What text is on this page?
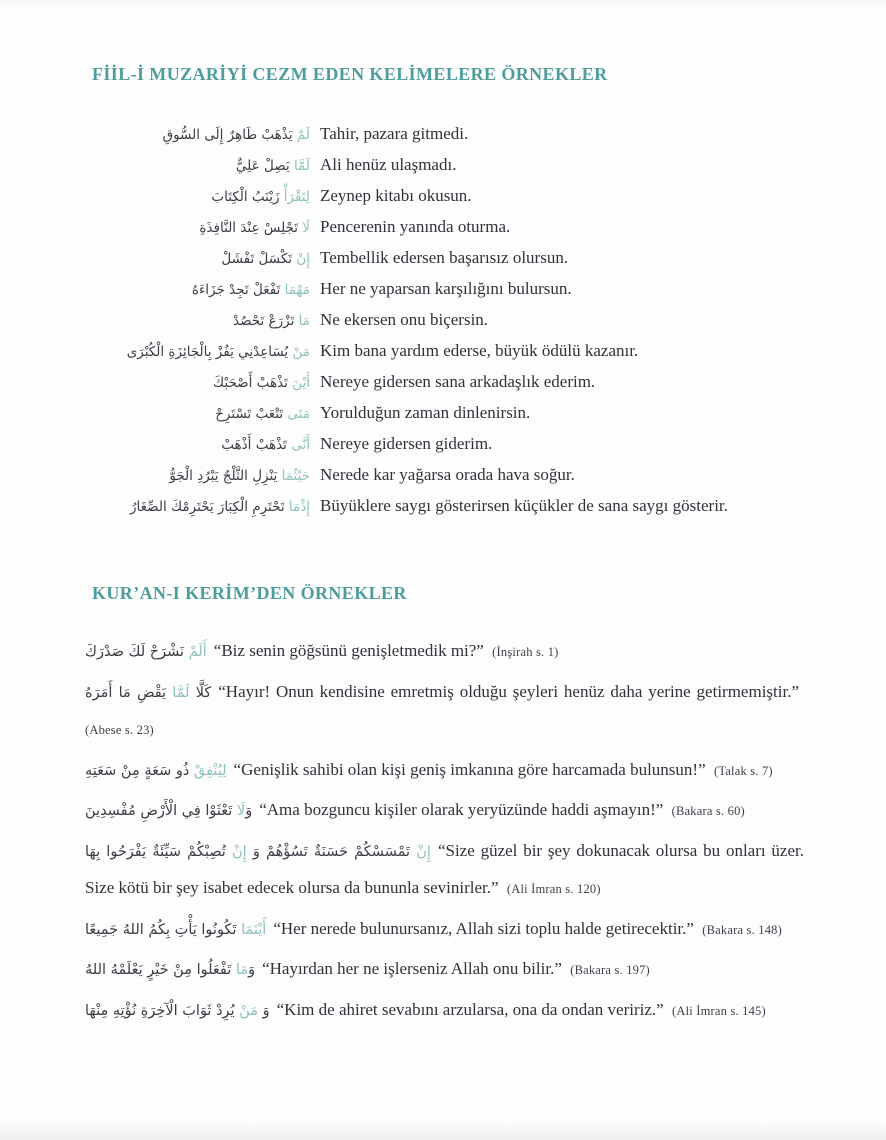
FİİL-İ MUZARİYİ CEZM EDEN KELİMELERE ÖRNEKLER
لَمْ يَذْهَبْ طَاهِرٌ إِلَى السُّوقِ	Tahir, pazara gitmedi.
لَمَّا يَصِلْ عَلِيٌّ	Ali henüz ulaşmadı.
لِتَقْرَأْ زَيْنَبُ الْكِتَابَ	Zeynep kitabı okusun.
لَا تَجْلِسْ عِنْدَ النَّافِذَةِ	Pencerenin yanında oturma.
إِنْ تَكْسَلْ تَفْشَلْ	Tembellik edersen başarısız olursun.
مَهْمَا تَفْعَلْ تَجِدْ جَزَاءَهُ	Her ne yaparsan karşılığını bulursun.
مَا تَزْرَعْ تَحْصُدْ	Ne ekersen onu biçersin.
مَنْ يُسَاعِدْنِي يَفُزْ بِالْجَائِزَةِ الْكُبْرَى	Kim bana yardım ederse, büyük ödülü kazanır.
أَيْنَ تَذْهَبْ أَصْحَبْكَ	Nereye gidersen sana arkadaşlık ederim.
مَتَى تَتْعَبْ تَسْتَرِحْ	Yorulduğun zaman dinlenirsin.
أَنَّى تَذْهَبْ أَذْهَبْ	Nereye gidersen giderim.
حَيْثُمَا يَنْزِلِ الثَّلْجُ يَبْرُدِ الْجَوُّ	Nerede kar yağarsa orada hava soğur.
إِذْمَا تَحْتَرِمِ الْكِبَارَ يَحْتَرِمْكَ الصِّغَارُ	Büyüklere saygı gösterirsen küçükler de sana saygı gösterir.
KUR’AN-I KERİM’DEN ÖRNEKLER

أَلَمْ نَشْرَحْ لَكَ صَدْرَكَ “Biz senin göğsünü genişletmedik mi?” (İnşirah s. 1)

كَلَّا لَمَّا يَقْضِ مَا أَمَرَهُ	“Hayır! Onun kendisine emretmiş olduğu şeyleri henüz daha yerine getirmemiştir.” (Abese s. 23)

لِيُنْفِقْ ذُو سَعَةٍ مِنْ سَعَتِهِ “Genişlik sahibi olan kişi geniş imkanına göre harcamada bulunsun!” (Talak s. 7)

وَلَا تَعْثَوْا فِي الْأَرْضِ مُفْسِدِينَ “Ama bozguncu kişiler olarak yeryüzünde haddi aşmayın!” (Bakara s. 60)

إِنْ تَمْسَسْكُمْ حَسَنَةٌ تَسُؤْهُمْ وَ إِنْ تُصِبْكُمْ سَيِّئَةٌ يَفْرَحُوا بِهَا	“Size güzel bir şey dokunacak olursa bu onları üzer. Size kötü bir şey isabet edecek olursa da bununla sevinirler.” (Ali İmran s. 120)

أَيْنَمَا تَكُونُوا يَأْتِ بِكُمُ اللهُ جَمِيعًا “Her nerede bulunursanız, Allah sizi toplu halde getirecektir.” (Bakara s. 148)

وَمَا تَفْعَلُوا مِنْ خَيْرٍ يَعْلَمْهُ اللهُ “Hayırdan her ne işlerseniz Allah onu bilir.” (Bakara s. 197)

وَ مَنْ يُرِدْ ثَوَابَ الْآخِرَةِ نُؤْتِهِ مِنْهَا “Kim de ahiret sevabını arzularsa, ona da ondan veririz.” (Ali İmran s. 145)
